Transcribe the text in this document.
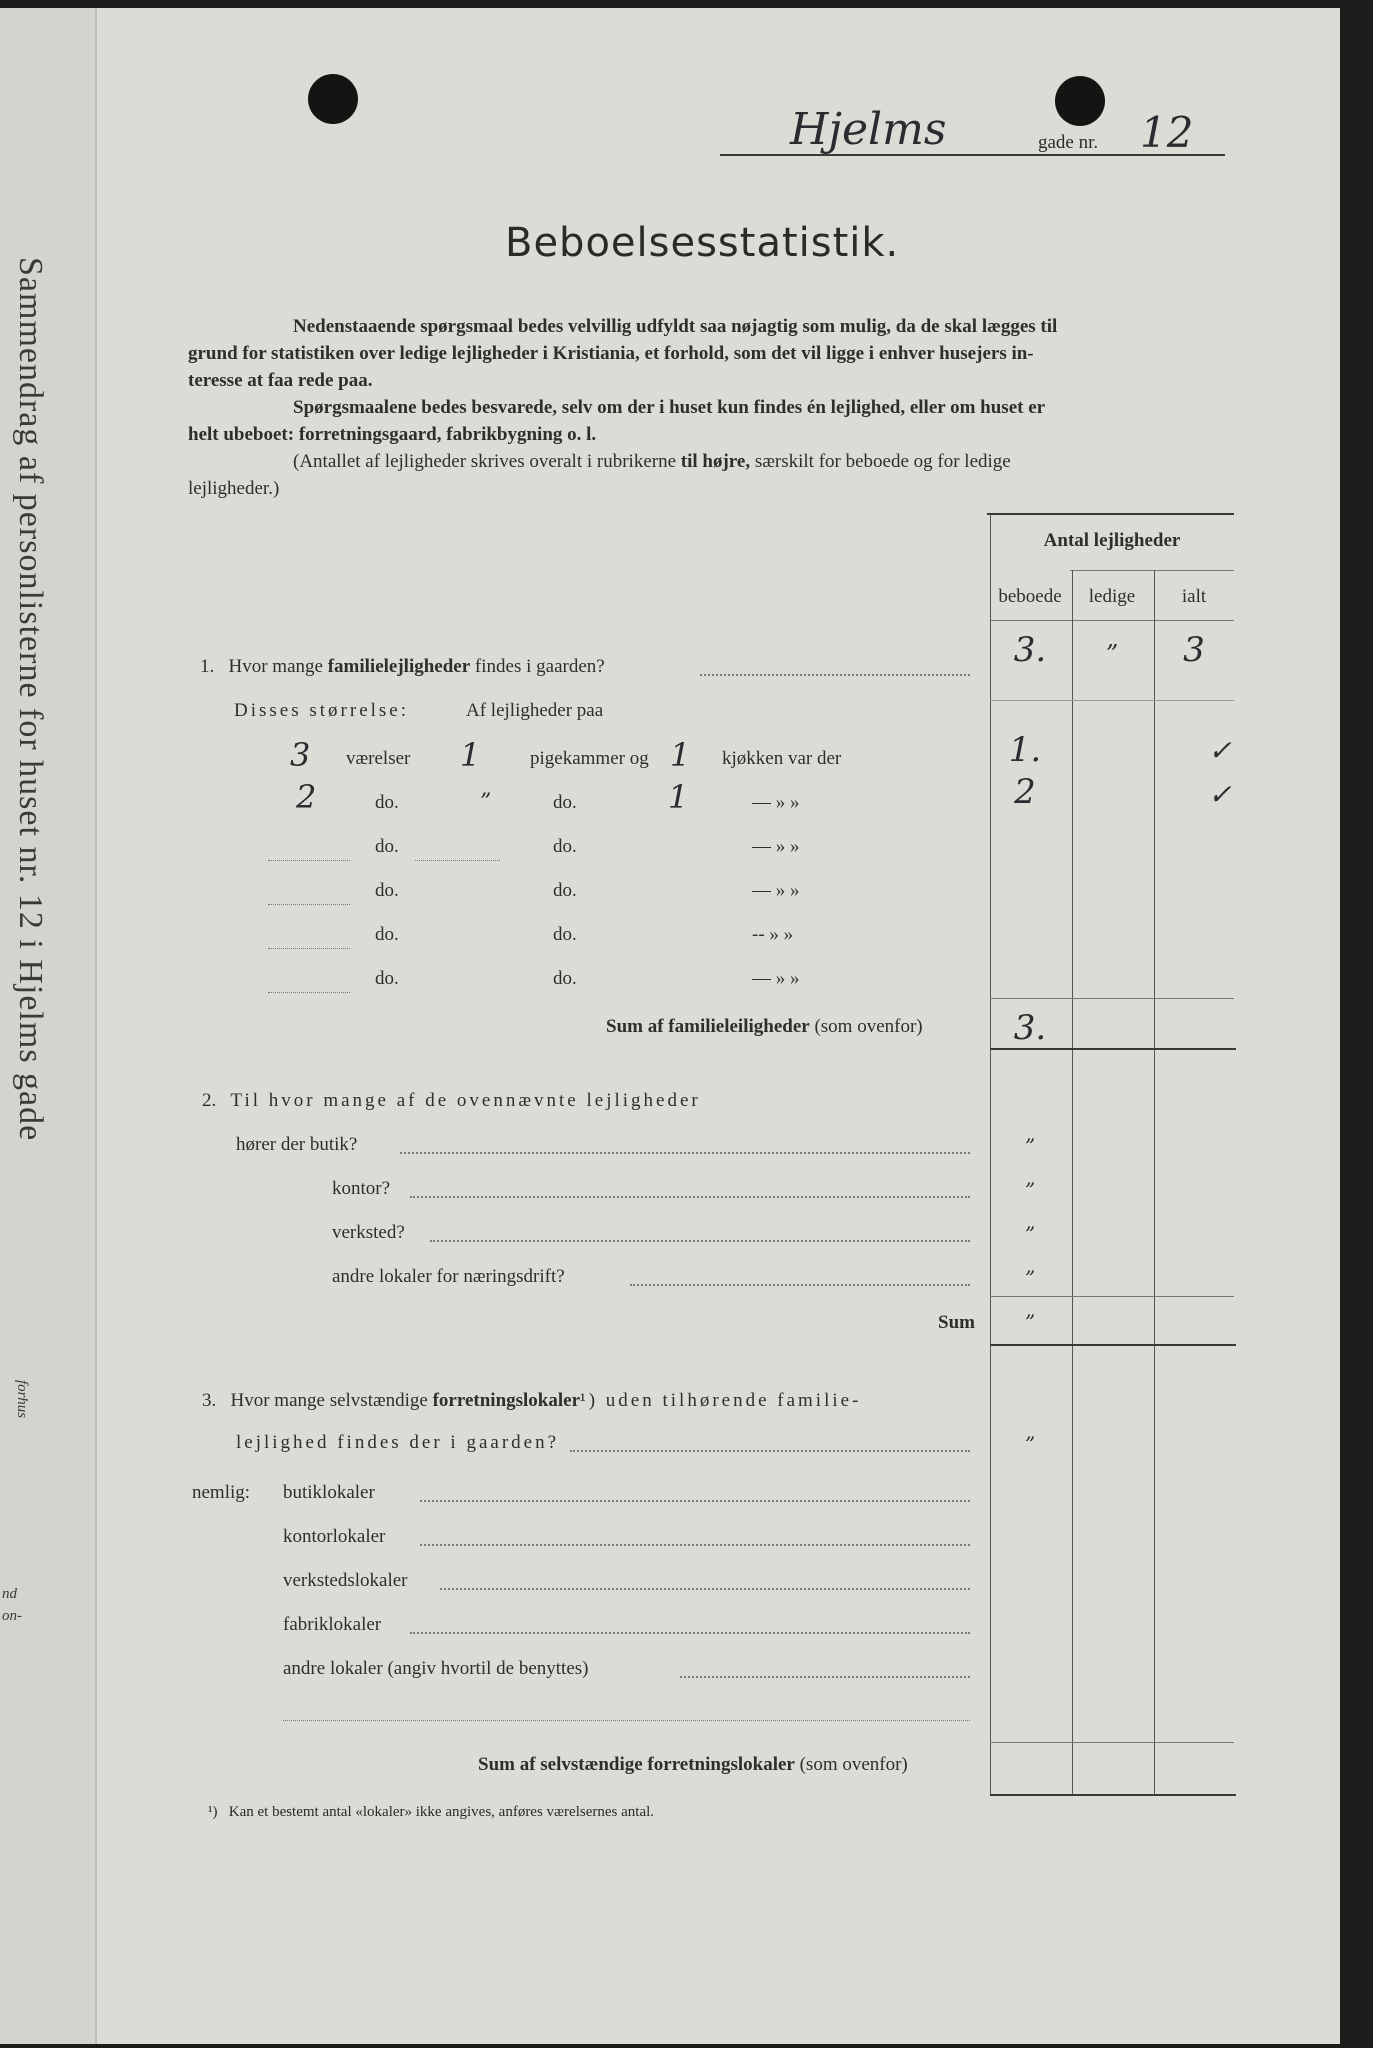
Sammendrag af personlisterne for huset nr. 12 i Hjelms gade
forhus
nd
on-
Hjelms	gade nr. 12
Beboelsesstatistik.
Nedenstaaende spørgsmaal bedes velvillig udfyldt saa nøjagtig som mulig, da de skal lægges til
grund for statistiken over ledige lejligheder i Kristiania, et forhold, som det vil ligge i enhver husejers in-
teresse at faa rede paa.
Spørgsmaalene bedes besvarede, selv om der i huset kun findes én lejlighed, eller om huset er
helt ubeboet: forretningsgaard, fabrikbygning o. l.
(Antallet af lejligheder skrives overalt i rubrikerne til højre, særskilt for beboede og for ledige
lejligheder.)
Antal lejligheder
beboede	ledige	ialt
1. Hvor mange familielejligheder findes i gaarden?	3.	”	3
Disses størrelse:	Af lejligheder paa
3 værelser 1	pigekammer og 1 kjøkken var der	1.	✓
2	do.	”	do.	1	— » »	2	✓
do.	do.	— » »
do.	do.	— » »
do.	do.	-- » »
do.	do.	— » »
Sum af familieleiligheder (som ovenfor)	3.
2. Til hvor mange af de ovennævnte lejligheder
hører der butik?	”
kontor?	”
verksted?	”
andre lokaler for næringsdrift?	”
Sum	”
3. Hvor mange selvstændige forretningslokaler¹) uden tilhørende familie-
lejlighed findes der i gaarden?	”
nemlig: butiklokaler
kontorlokaler
verkstedslokaler
fabriklokaler
andre lokaler (angiv hvortil de benyttes)
Sum af selvstændige forretningslokaler (som ovenfor)
¹) Kan et bestemt antal «lokaler» ikke angives, anføres værelsernes antal.
